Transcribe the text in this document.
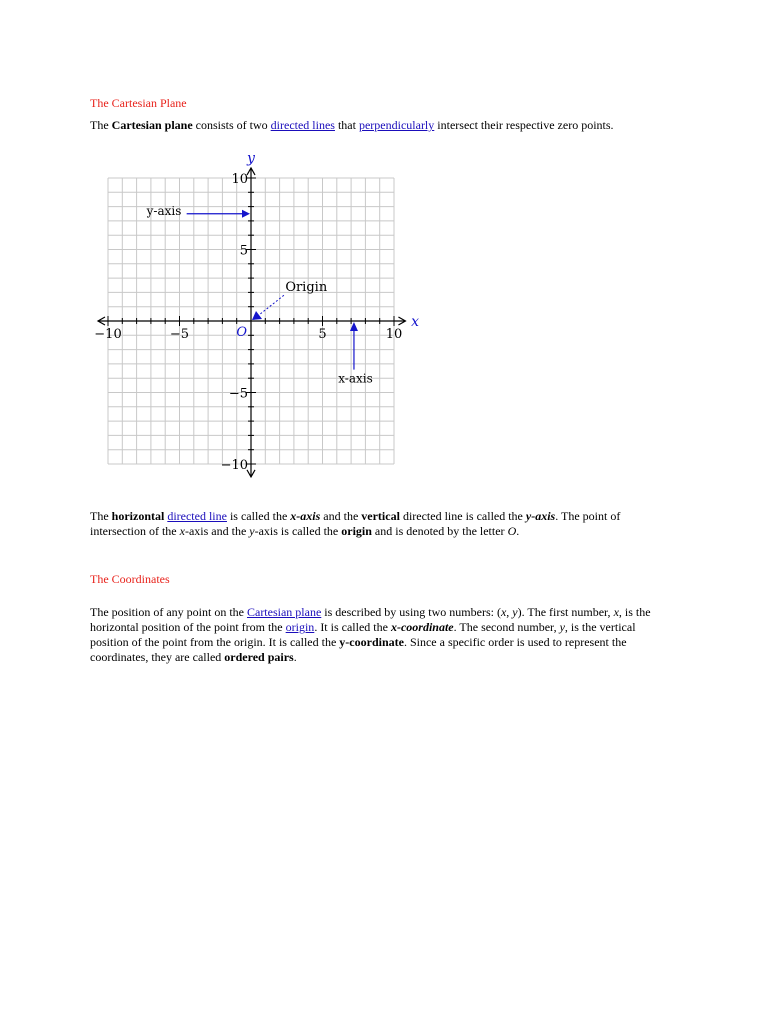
The Cartesian Plane

The Cartesian plane consists of two directed lines that perpendicularly intersect their respective zero points.

−10	−5	5	10
10
5
−5
−10
x
y
O
y-axis
Origin
x-axis

The horizontal directed line is called the x-axis and the vertical directed line is called the y-axis. The point of intersection of the x-axis and the y-axis is called the origin and is denoted by the letter O.

The Coordinates

The position of any point on the Cartesian plane is described by using two numbers: (x, y). The first number, x, is the horizontal position of the point from the origin. It is called the x-coordinate. The second number, y, is the vertical position of the point from the origin. It is called the y-coordinate. Since a specific order is used to represent the coordinates, they are called ordered pairs.
